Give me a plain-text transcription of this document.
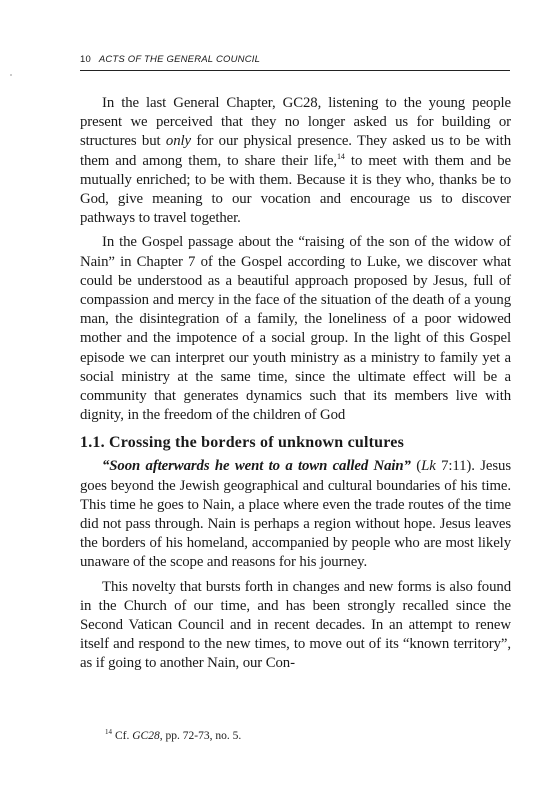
10 ACTS OF THE GENERAL COUNCIL

In the last General Chapter, GC28, listening to the young people present we perceived that they no longer asked us for building or structures but only for our physical presence. They asked us to be with them and among them, to share their life,$^{14}$ to meet with them and be mutually enriched; to be with them. Because it is they who, thanks be to God, give meaning to our vocation and encourage us to discover pathways to travel together.

In the Gospel passage about the “raising of the son of the widow of Nain” in Chapter 7 of the Gospel according to Luke, we discover what could be understood as a beautiful approach proposed by Jesus, full of compassion and mercy in the face of the situation of the death of a young man, the disintegration of a family, the loneliness of a poor widowed mother and the impotence of a social group. In the light of this Gospel episode we can interpret our youth ministry as a ministry to family yet a social ministry at the same time, since the ultimate effect will be a community that generates dynamics such that its members live with dignity, in the freedom of the children of God

1.1. Crossing the borders of unknown cultures

“Soon afterwards he went to a town called Nain” (Lk 7:11). Jesus goes beyond the Jewish geographical and cultural boundaries of his time. This time he goes to Nain, a place where even the trade routes of the time did not pass through. Nain is perhaps a region without hope. Jesus leaves the borders of his homeland, accompanied by people who are most likely unaware of the scope and reasons for his journey.

This novelty that bursts forth in changes and new forms is also found in the Church of our time, and has been strongly recalled since the Second Vatican Council and in recent decades. In an attempt to renew itself and respond to the new times, to move out of its “known territory”, as if going to another Nain, our Con-

$^{14}$ Cf. GC28, pp. 72-73, no. 5.
